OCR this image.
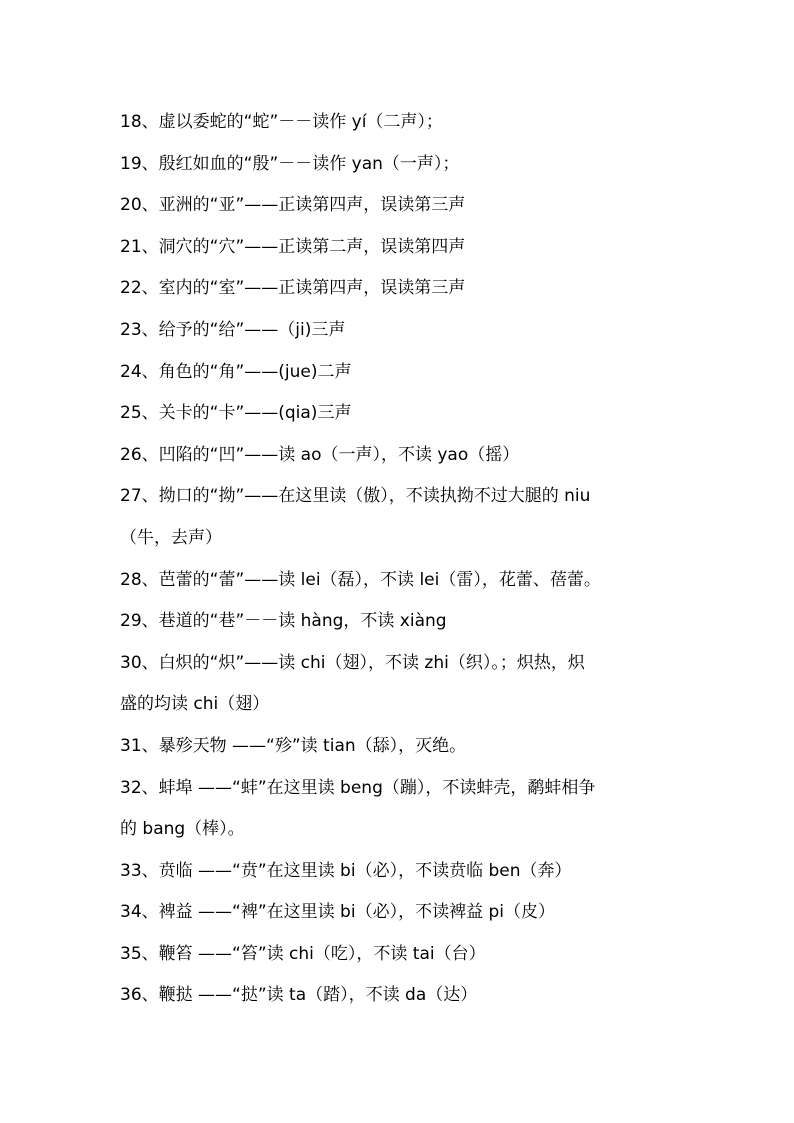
18、虚以委蛇的“蛇”－－读作 yí（二声）；
19、殷红如血的“殷”－－读作 yan（一声）；
20、亚洲的“亚”——正读第四声，误读第三声
21、洞穴的“穴”——正读第二声，误读第四声
22、室内的“室”——正读第四声，误读第三声
23、给予的“给”——（ji)三声
24、角色的“角”——(jue)二声
25、关卡的“卡”——(qia)三声
26、凹陷的“凹”——读 ao（一声），不读 yao（摇）
27、拗口的“拗”——在这里读（傲），不读执拗不过大腿的 niu
（牛，去声）
28、芭蕾的“蕾”——读 lei（磊），不读 lei（雷），花蕾、蓓蕾。
29、巷道的“巷”－－读 hàng，不读 xiàng
30、白炽的“炽”——读 chi（翅），不读 zhi（织）。；炽热，炽
盛的均读 chi（翅）
31、暴殄天物 ——“殄”读 tian（舔），灭绝。
32、蚌埠 ——“蚌”在这里读 beng（蹦），不读蚌壳，鹬蚌相争
的 bang（棒）。
33、贲临 ——“贲”在这里读 bi（必），不读贲临 ben（奔）
34、裨益 ——“裨”在这里读 bi（必），不读裨益 pi（皮）
35、鞭笞 ——“笞”读 chi（吃），不读 tai（台）
36、鞭挞 ——“挞”读 ta（踏），不读 da（达）
